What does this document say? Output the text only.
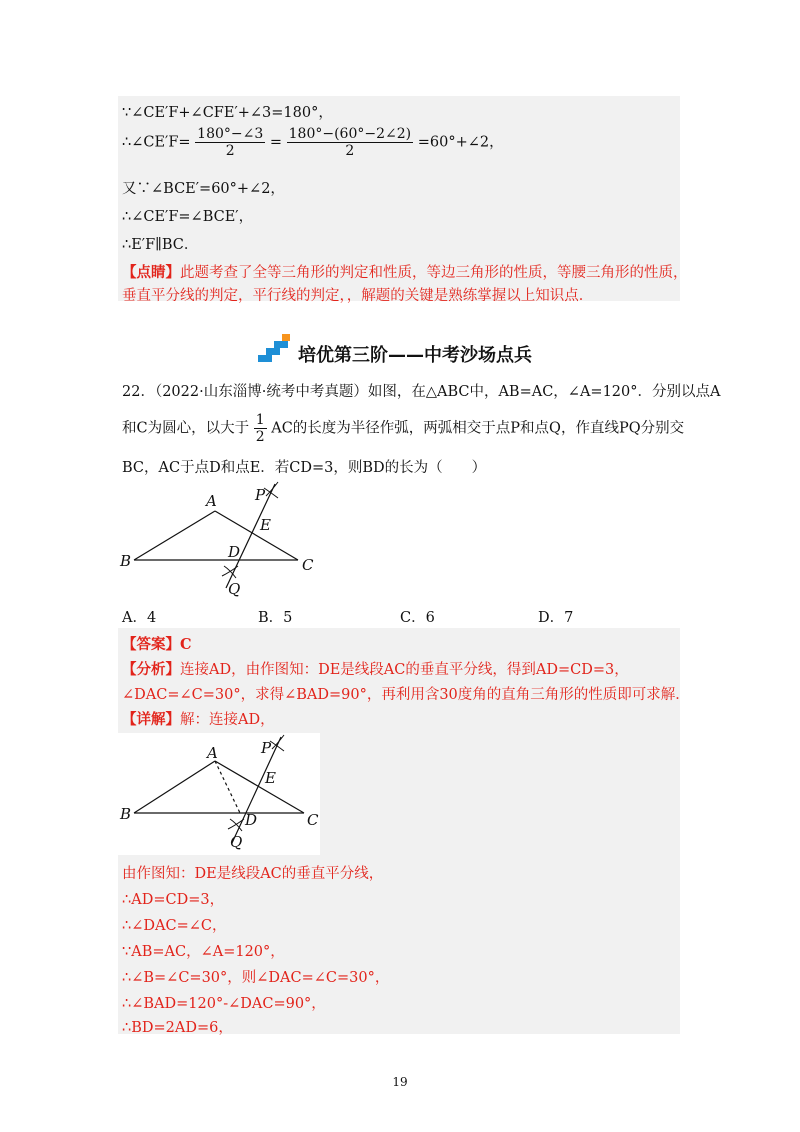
∵∠CE′F+∠CFE′+∠3=180°，
∴∠CE′F= $\frac{180^\circ-\angle 3}{2} = \frac{180^\circ-(60^\circ-2\angle 2)}{2}$ =60°+∠2，
又∵∠BCE′=60°+∠2，
∴∠CE′F=∠BCE′，
∴E′F∥BC．
【点睛】此题考查了全等三角形的判定和性质，等边三角形的性质，等腰三角形的性质，
垂直平分线的判定，平行线的判定，，解题的关键是熟练掌握以上知识点．
培优第三阶——中考沙场点兵
22．（2022·山东淄博·统考中考真题）如图，在△ABC中，AB=AC，∠A=120°．分别以点A
和C为圆心，以大于 $\frac{1}{2}$ AC的长度为半径作弧，两弧相交于点P和点Q，作直线PQ分别交
BC，AC于点D和点E．若CD=3，则BD的长为（　　）
A
B	C
D
E
P
Q
A．4	B．5	C．6	D．7
【答案】C
【分析】连接AD，由作图知：DE是线段AC的垂直平分线，得到AD=CD=3，
∠DAC=∠C=30°，求得∠BAD=90°，再利用含30度角的直角三角形的性质即可求解．
【详解】解：连接AD，
A
B	C
D
E
P
Q
由作图知：DE是线段AC的垂直平分线，
∴AD=CD=3，
∴∠DAC=∠C，
∵AB=AC，∠A=120°，
∴∠B=∠C=30°，则∠DAC=∠C=30°，
∴∠BAD=120°-∠DAC=90°，
∴BD=2AD=6，
19
